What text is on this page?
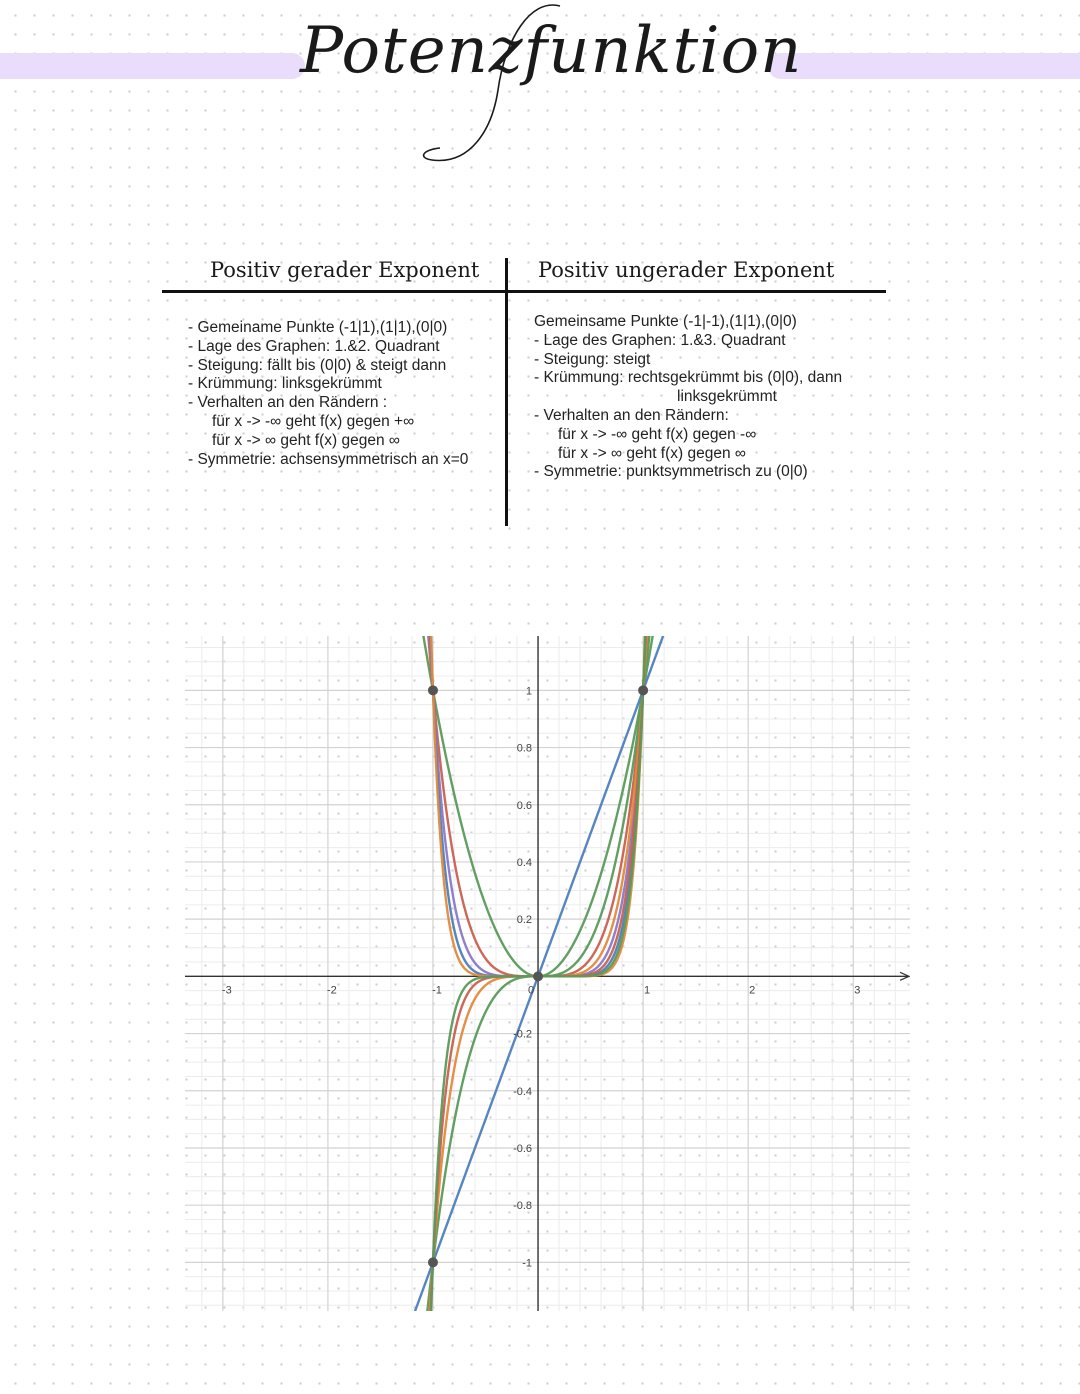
Potenzfunktion
Positiv gerader Exponent	Positiv ungerader Exponent
- Gemeiname Punkte (-1|1),(1|1),(0|0)
- Lage des Graphen: 1.&2. Quadrant
- Steigung: fällt bis (0|0) & steigt dann
- Krümmung: linksgekrümmt
- Verhalten an den Rändern :
für x -> -∞ geht f(x) gegen +∞
für x -> ∞ geht f(x) gegen ∞
- Symmetrie: achsensymmetrisch an x=0
Gemeinsame Punkte (-1|-1),(1|1),(0|0)
- Lage des Graphen: 1.&3. Quadrant
- Steigung: steigt
- Krümmung: rechtsgekrümmt bis (0|0), dann
linksgekrümmt
- Verhalten an den Rändern:
für x -> -∞ geht f(x) gegen -∞
für x -> ∞ geht f(x) gegen ∞
- Symmetrie: punktsymmetrisch zu (0|0)
-3	-2	-1	0	1	2	3
1
0.8
0.6
0.4
0.2
-0.2
-0.4
-0.6
-0.8
-1
